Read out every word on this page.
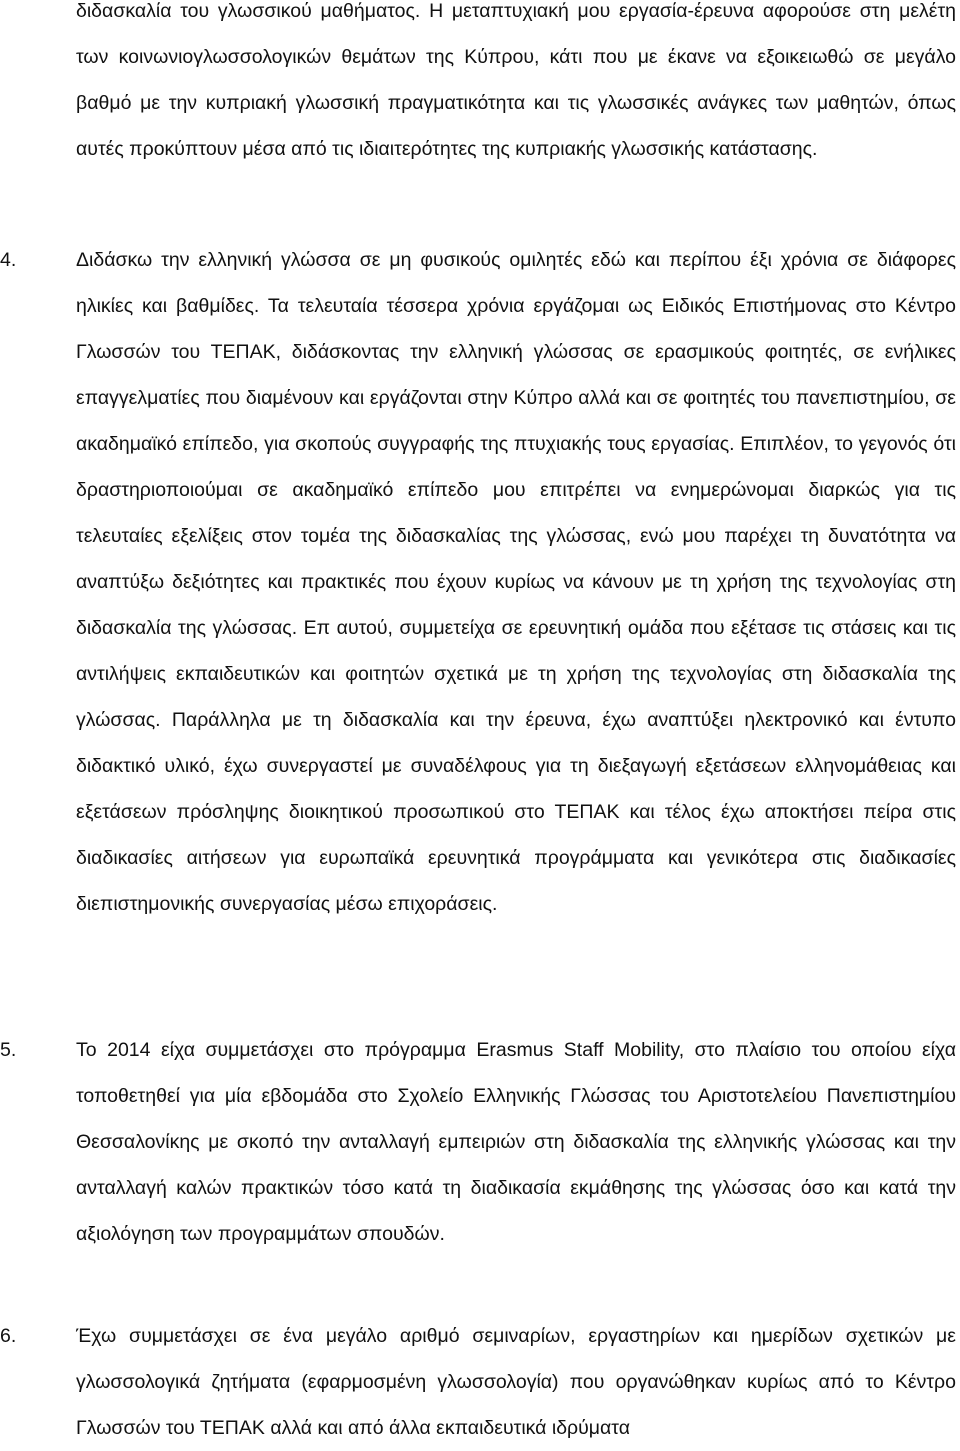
διδασκαλία του γλωσσικού μαθήματος. Η μεταπτυχιακή μου εργασία-έρευνα αφορούσε στη μελέτη των κοινωνιογλωσσολογικών θεμάτων της Κύπρου, κάτι που με έκανε να εξοικειωθώ σε μεγάλο βαθμό με την κυπριακή γλωσσική πραγματικότητα και τις γλωσσικές ανάγκες των μαθητών, όπως αυτές προκύπτουν μέσα από τις ιδιαιτερότητες της κυπριακής γλωσσικής κατάστασης.

4.	Διδάσκω την ελληνική γλώσσα σε μη φυσικούς ομιλητές εδώ και περίπου έξι χρόνια σε διάφορες ηλικίες και βαθμίδες. Τα τελευταία τέσσερα χρόνια εργάζομαι ως Ειδικός Επιστήμονας στο Κέντρο Γλωσσών του ΤΕΠΑΚ, διδάσκοντας την ελληνική γλώσσας σε ερασμικούς φοιτητές, σε ενήλικες επαγγελματίες που διαμένουν και εργάζονται στην Κύπρο αλλά και σε φοιτητές του πανεπιστημίου, σε ακαδημαϊκό επίπεδο, για σκοπούς συγγραφής της πτυχιακής τους εργασίας. Επιπλέον, το γεγονός ότι δραστηριοποιούμαι σε ακαδημαϊκό επίπεδο μου επιτρέπει να ενημερώνομαι διαρκώς για τις τελευταίες εξελίξεις στον τομέα της διδασκαλίας της γλώσσας, ενώ μου παρέχει τη δυνατότητα να αναπτύξω δεξιότητες και πρακτικές που έχουν κυρίως να κάνουν με τη χρήση της τεχνολογίας στη διδασκαλία της γλώσσας. Επ αυτού, συμμετείχα σε ερευνητική ομάδα που εξέτασε τις στάσεις και τις αντιλήψεις εκπαιδευτικών και φοιτητών σχετικά με τη χρήση της τεχνολογίας στη διδασκαλία της γλώσσας. Παράλληλα με τη διδασκαλία και την έρευνα, έχω αναπτύξει ηλεκτρονικό και έντυπο διδακτικό υλικό, έχω συνεργαστεί με συναδέλφους για τη διεξαγωγή εξετάσεων ελληνομάθειας και εξετάσεων πρόσληψης διοικητικού προσωπικού στο ΤΕΠΑΚ και τέλος έχω αποκτήσει πείρα στις διαδικασίες αιτήσεων για ευρωπαϊκά ερευνητικά προγράμματα και γενικότερα στις διαδικασίες διεπιστημονικής συνεργασίας μέσω επιχοράσεις.

5.	Το 2014 είχα συμμετάσχει στο πρόγραμμα Erasmus Staff Mobility, στο πλαίσιο του οποίου είχα τοποθετηθεί για μία εβδομάδα στο Σχολείο Ελληνικής Γλώσσας του Αριστοτελείου Πανεπιστημίου Θεσσαλονίκης με σκοπό την ανταλλαγή εμπειριών στη διδασκαλία της ελληνικής γλώσσας και την ανταλλαγή καλών πρακτικών τόσο κατά τη διαδικασία εκμάθησης της γλώσσας όσο και κατά την αξιολόγηση των προγραμμάτων σπουδών.

6.	Έχω συμμετάσχει σε ένα μεγάλο αριθμό σεμιναρίων, εργαστηρίων και ημερίδων σχετικών με γλωσσολογικά ζητήματα (εφαρμοσμένη γλωσσολογία) που οργανώθηκαν κυρίως από το Κέντρο Γλωσσών του ΤΕΠΑΚ αλλά και από άλλα εκπαιδευτικά ιδρύματα
